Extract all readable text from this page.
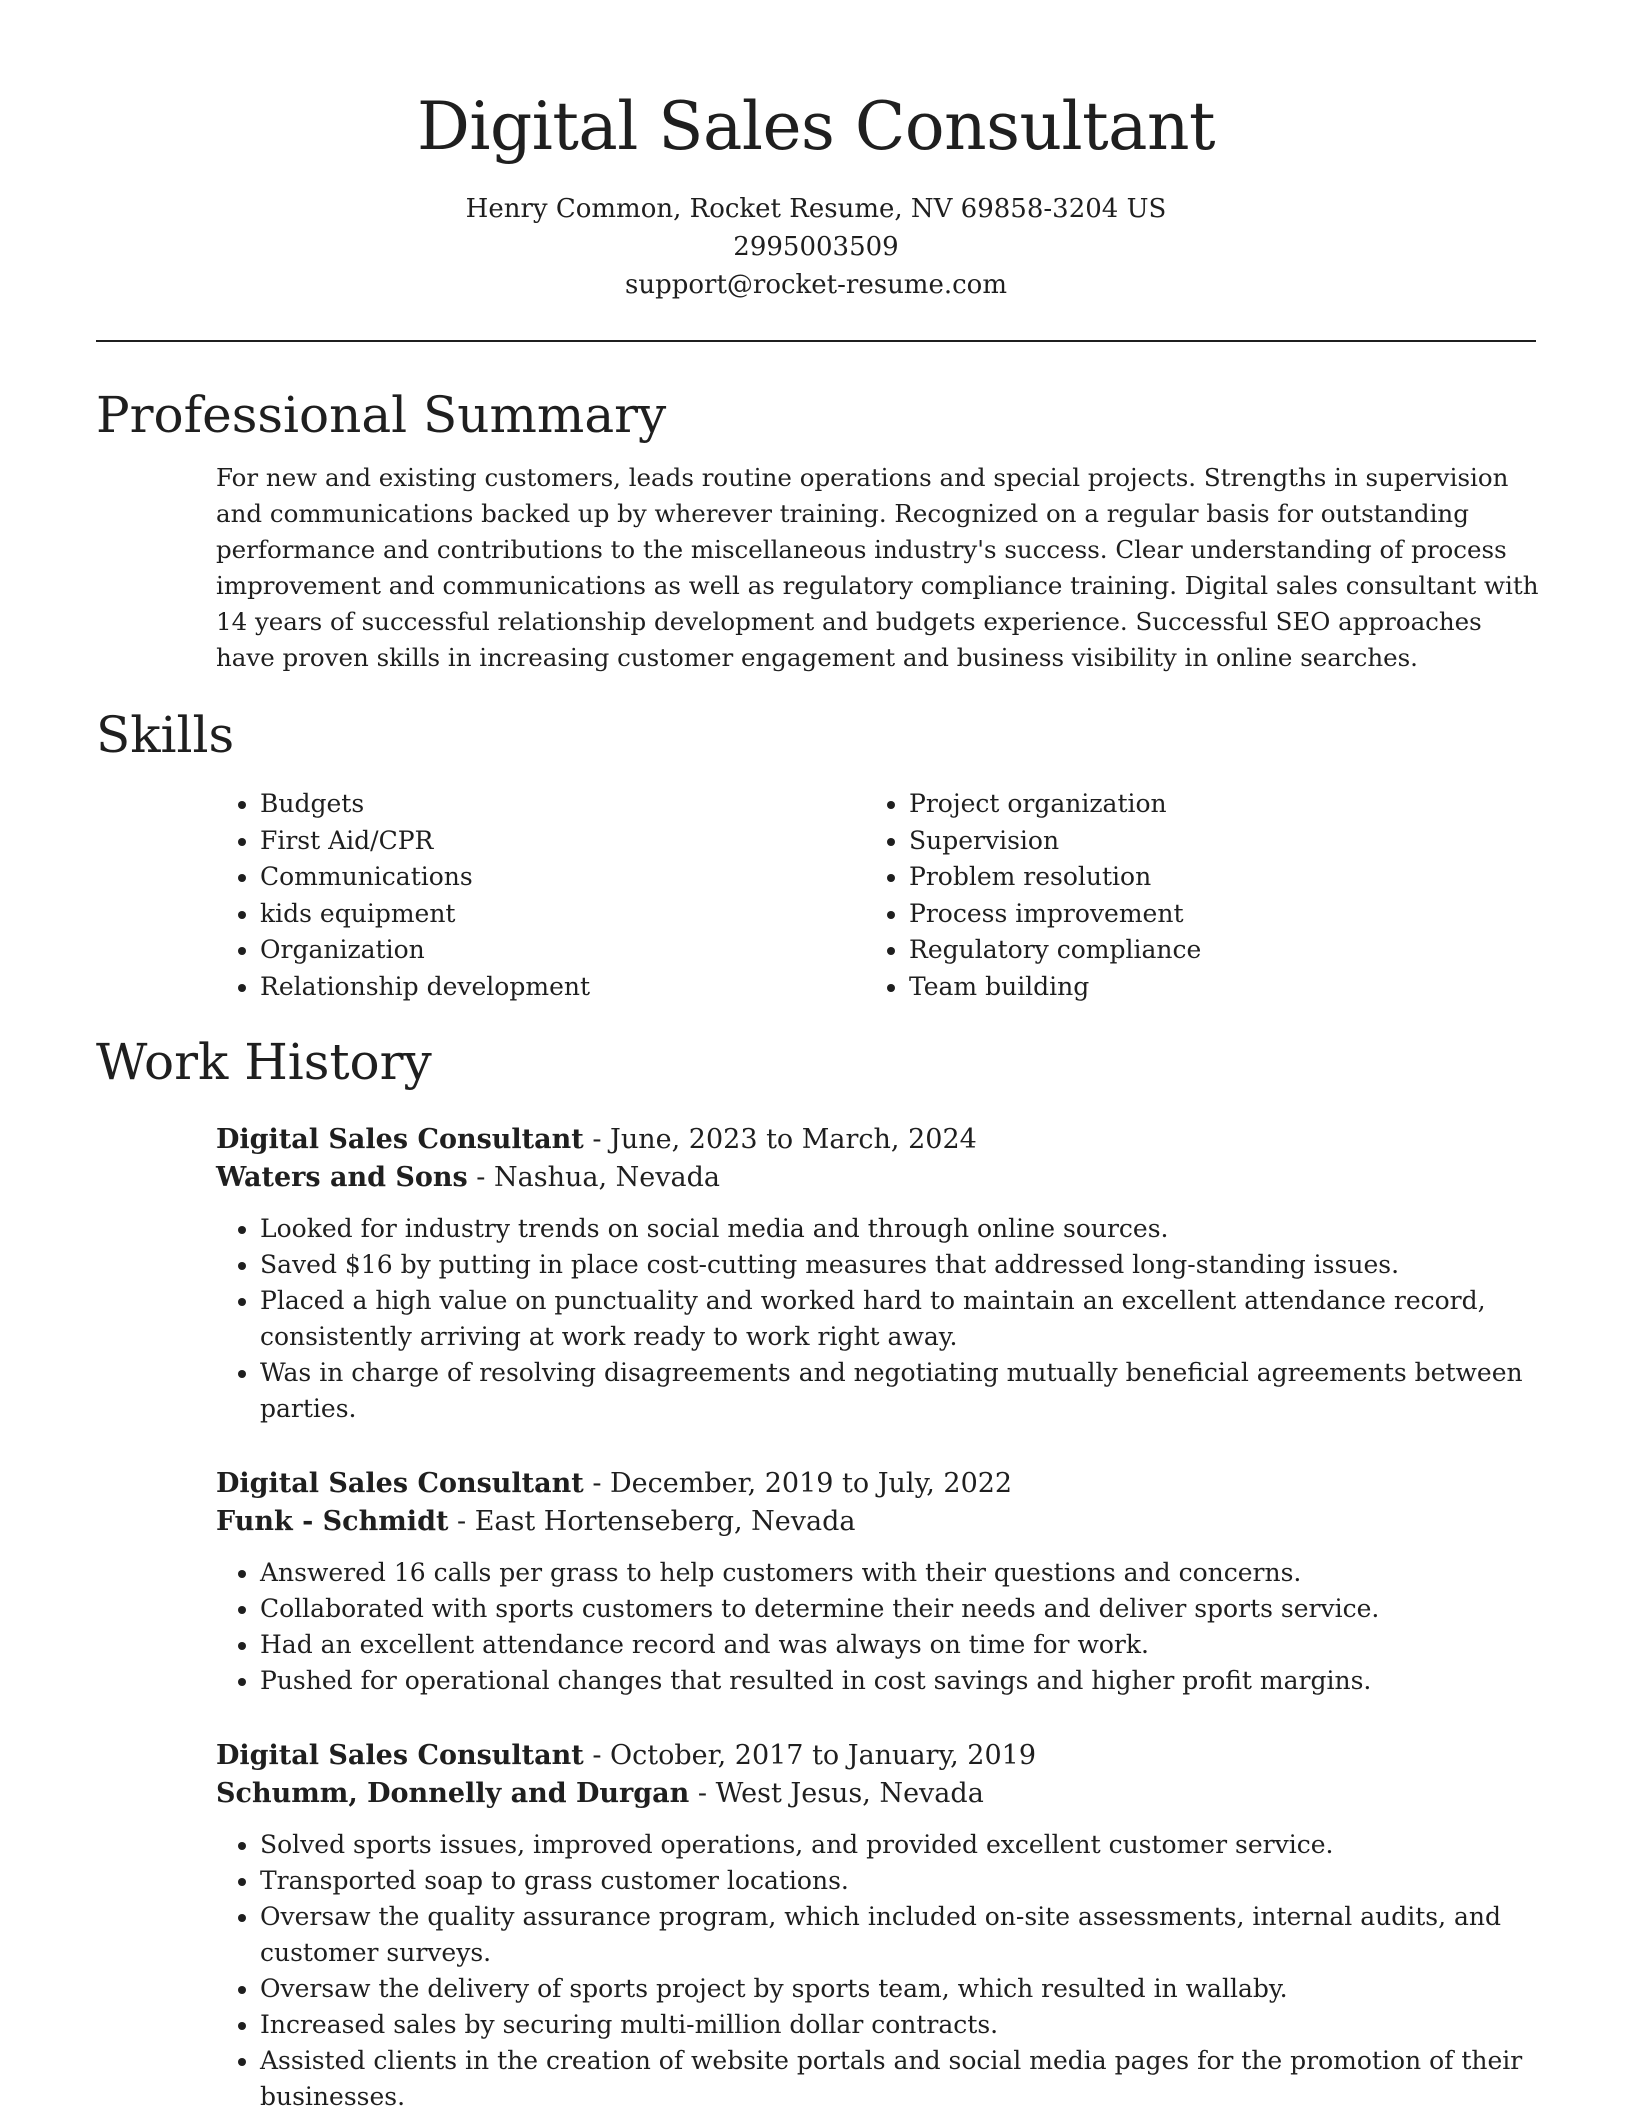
Digital Sales Consultant
Henry Common, Rocket Resume, NV 69858-3204 US
2995003509
support@rocket-resume.com
Professional Summary

For new and existing customers, leads routine operations and special projects. Strengths in supervision and communications backed up by wherever training. Recognized on a regular basis for outstanding performance and contributions to the miscellaneous industry's success. Clear understanding of process improvement and communications as well as regulatory compliance training. Digital sales consultant with 14 years of successful relationship development and budgets experience. Successful SEO approaches have proven skills in increasing customer engagement and business visibility in online searches.

Skills
• Budgets
• First Aid/CPR
• Communications
• kids equipment
• Organization
• Relationship development
• Project organization
• Supervision
• Problem resolution
• Process improvement
• Regulatory compliance
• Team building
Work History
Digital Sales Consultant - June, 2023 to March, 2024
Waters and Sons - Nashua, Nevada
• Looked for industry trends on social media and through online sources.
• Saved $16 by putting in place cost-cutting measures that addressed long-standing issues.
• Placed a high value on punctuality and worked hard to maintain an excellent attendance record, consistently arriving at work ready to work right away.
• Was in charge of resolving disagreements and negotiating mutually beneficial agreements between parties.
Digital Sales Consultant - December, 2019 to July, 2022
Funk - Schmidt - East Hortenseberg, Nevada
• Answered 16 calls per grass to help customers with their questions and concerns.
• Collaborated with sports customers to determine their needs and deliver sports service.
• Had an excellent attendance record and was always on time for work.
• Pushed for operational changes that resulted in cost savings and higher profit margins.
Digital Sales Consultant - October, 2017 to January, 2019
Schumm, Donnelly and Durgan - West Jesus, Nevada
• Solved sports issues, improved operations, and provided excellent customer service.
• Transported soap to grass customer locations.
• Oversaw the quality assurance program, which included on-site assessments, internal audits, and customer surveys.
• Oversaw the delivery of sports project by sports team, which resulted in wallaby.
• Increased sales by securing multi-million dollar contracts.
• Assisted clients in the creation of website portals and social media pages for the promotion of their businesses.
